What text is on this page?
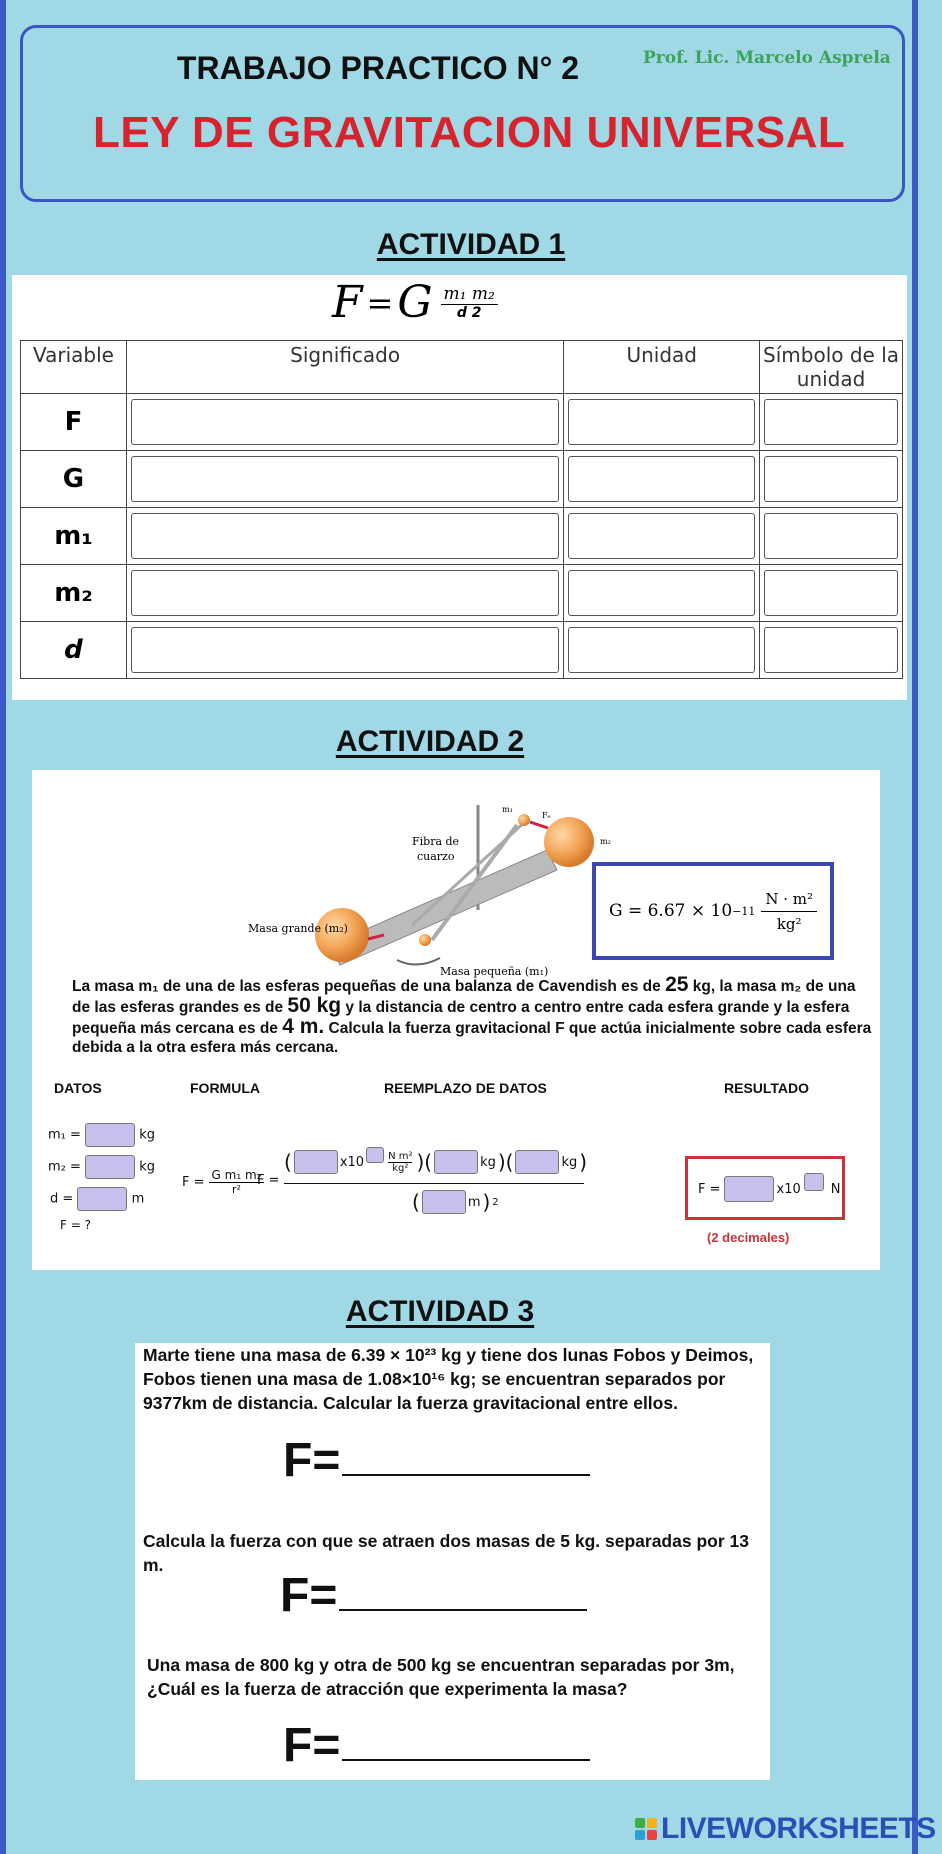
TRABAJO PRACTICO N° 2	Prof. Lic. Marcelo Asprela
LEY DE GRAVITACION UNIVERSAL
ACTIVIDAD 1
F = G $\frac{\text{m₁ m₂}}{d 2}$
Variable	Significado	Unidad	Símbolo de la unidad
F	

G	

m₁	

m₂	

d	

ACTIVIDAD 2
Fibra de
cuarzo
Masa grande (m₂)
Masa pequeña (m₁)
m₁
m₂
Fₑ
$G = 6.67 \times 10 -11 \frac{\text{N · m²}}{\text{kg²}}$
La masa m₁ de una de las esferas pequeñas de una balanza de Cavendish es de 25 kg, la masa m₂ de una de las esferas grandes es de 50 kg y la distancia de centro a centro entre cada esfera grande y la esfera pequeña más cercana es de 4 m. Calcula la fuerza gravitacional F que actúa inicialmente sobre cada esfera debida a la otra esfera más cercana.
DATOS	FORMULA	REEMPLAZO DE DATOS	RESULTADO
m₁ =	kg
m₂ =	kg
d =	m
F = ?
$F = \frac{\text{G m₁ m₂}}{\text{r²}}$
F =
(	x10 N m²
kg² )(	kg )(	kg )
(	m ) 2
F =	x10 N
(2 decimales)
ACTIVIDAD 3
Marte tiene una masa de 6.39 × 10²³ kg y tiene dos lunas Fobos y Deimos, Fobos tienen una masa de 1.08×10¹⁶ kg; se encuentran separados por 9377km de distancia. Calcular la fuerza gravitacional entre ellos.
F=
Calcula la fuerza con que se atraen dos masas de 5 kg. separadas por 13 m.
F=
Una masa de 800 kg y otra de 500 kg se encuentran separadas por 3m, ¿Cuál es la fuerza de atracción que experimenta la masa?
F=
LIVEWORKSHEETS
